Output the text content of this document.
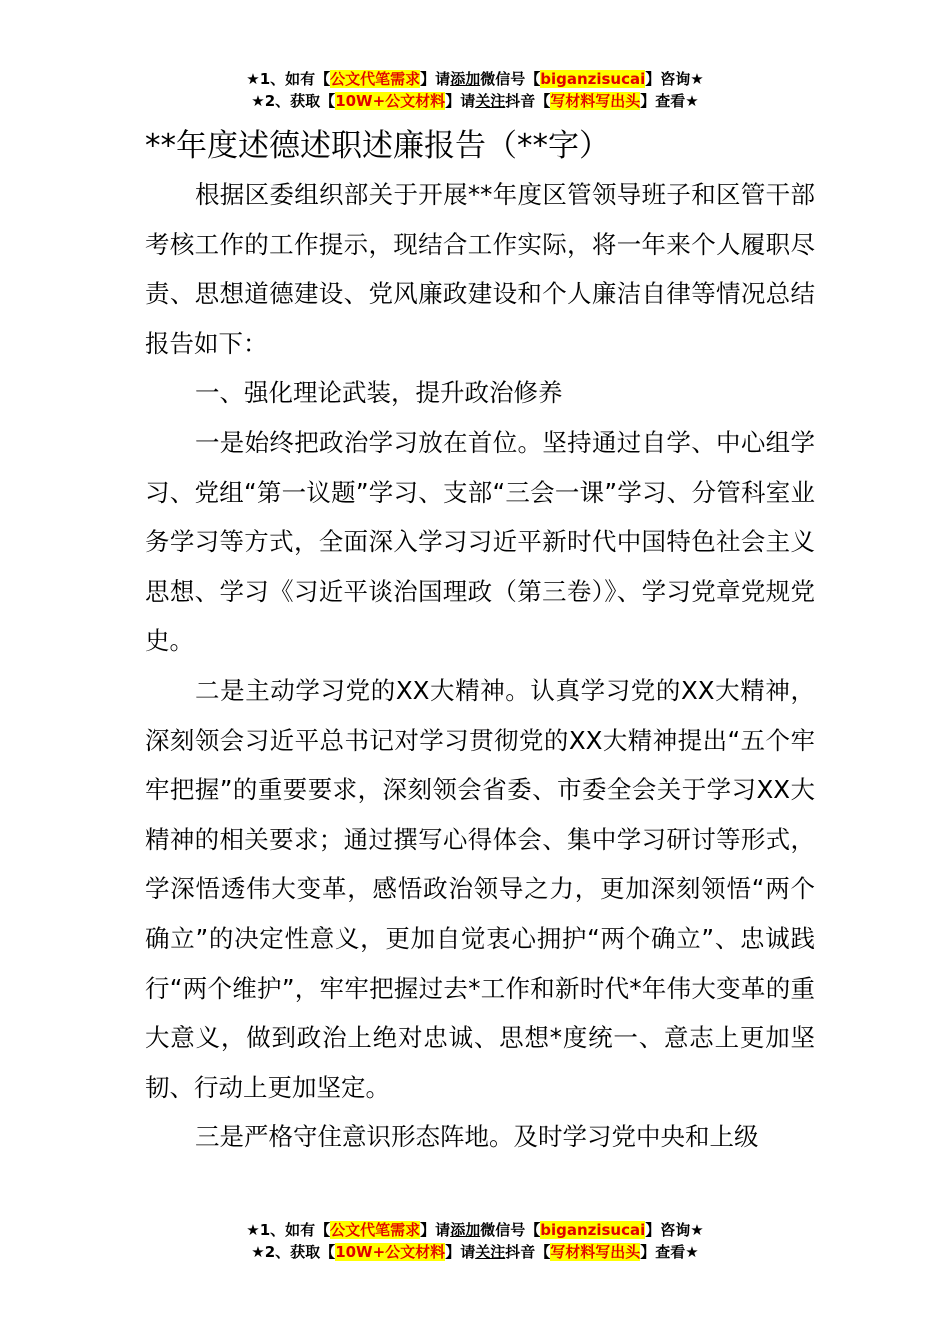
★1、如有【公文代笔需求】请添加微信号【biganzisucai】咨询★
★2、获取【10W+公文材料】请关注抖音【写材料写出头】查看★
**年度述德述职述廉报告（**字）

根据区委组织部关于开展**年度区管领导班子和区管干部考核工作的工作提示，现结合工作实际，将一年来个人履职尽责、思想道德建设、党风廉政建设和个人廉洁自律等情况总结报告如下：

一、强化理论武装，提升政治修养

一是始终把政治学习放在首位。坚持通过自学、中心组学习、党组“第一议题”学习、支部“三会一课”学习、分管科室业务学习等方式，全面深入学习习近平新时代中国特色社会主义思想、学习《习近平谈治国理政（第三卷）》、学习党章党规党史。

二是主动学习党的XX大精神。认真学习党的XX大精神，深刻领会习近平总书记对学习贯彻党的XX大精神提出“五个牢牢把握”的重要要求，深刻领会省委、市委全会关于学习XX大精神的相关要求；通过撰写心得体会、集中学习研讨等形式，学深悟透伟大变革，感悟政治领导之力，更加深刻领悟“两个确立”的决定性意义，更加自觉衷心拥护“两个确立”、忠诚践行“两个维护”，牢牢把握过去*工作和新时代*年伟大变革的重大意义，做到政治上绝对忠诚、思想*度统一、意志上更加坚韧、行动上更加坚定。

三是严格守住意识形态阵地。及时学习党中央和上级

★1、如有【公文代笔需求】请添加微信号【biganzisucai】咨询★
★2、获取【10W+公文材料】请关注抖音【写材料写出头】查看★
